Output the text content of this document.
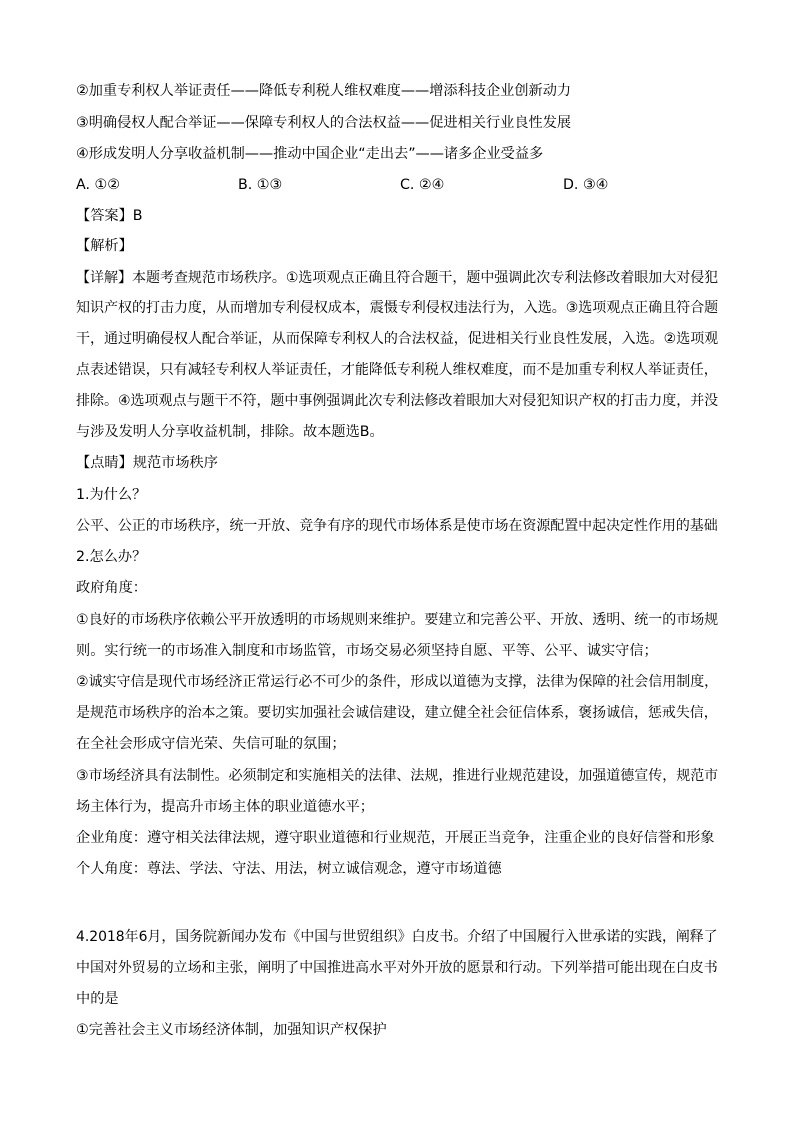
②加重专利权人举证责任——降低专利税人维权难度——增添科技企业创新动力
③明确侵权人配合举证——保障专利权人的合法权益——促进相关行业良性发展
④形成发明人分享收益机制——推动中国企业“走出去”——诸多企业受益多
A. ①②	B. ①③	C. ②④	D. ③④
【答案】B
【解析】
【详解】本题考查规范市场秩序。①选项观点正确且符合题干，题中强调此次专利法修改着眼加大对侵犯
知识产权的打击力度，从而增加专利侵权成本，震慑专利侵权违法行为，入选。③选项观点正确且符合题
干，通过明确侵权人配合举证，从而保障专利权人的合法权益，促进相关行业良性发展，入选。②选项观
点表述错误，只有减轻专利权人举证责任，才能降低专利税人维权难度，而不是加重专利权人举证责任，
排除。④选项观点与题干不符，题中事例强调此次专利法修改着眼加大对侵犯知识产权的打击力度，并没
与涉及发明人分享收益机制，排除。故本题选B。
【点睛】规范市场秩序
1.为什么？
公平、公正的市场秩序，统一开放、竞争有序的现代市场体系是使市场在资源配置中起决定性作用的基础
2.怎么办？
政府角度：
①良好的市场秩序依赖公平开放透明的市场规则来维护。要建立和完善公平、开放、透明、统一的市场规
则。实行统一的市场准入制度和市场监管，市场交易必须坚持自愿、平等、公平、诚实守信；
②诚实守信是现代市场经济正常运行必不可少的条件，形成以道德为支撑，法律为保障的社会信用制度，
是规范市场秩序的治本之策。要切实加强社会诚信建设，建立健全社会征信体系，褒扬诚信，惩戒失信，
在全社会形成守信光荣、失信可耻的氛围；
③市场经济具有法制性。必须制定和实施相关的法律、法规，推进行业规范建设，加强道德宣传，规范市
场主体行为，提高升市场主体的职业道德水平；
企业角度：遵守相关法律法规，遵守职业道德和行业规范，开展正当竞争，注重企业的良好信誉和形象
个人角度：尊法、学法、守法、用法，树立诚信观念，遵守市场道德
4.2018年6月，国务院新闻办发布《中国与世贸组织》白皮书。介绍了中国履行入世承诺的实践，阐释了
中国对外贸易的立场和主张，阐明了中国推进高水平对外开放的愿景和行动。下列举措可能出现在白皮书
中的是
①完善社会主义市场经济体制，加强知识产权保护
